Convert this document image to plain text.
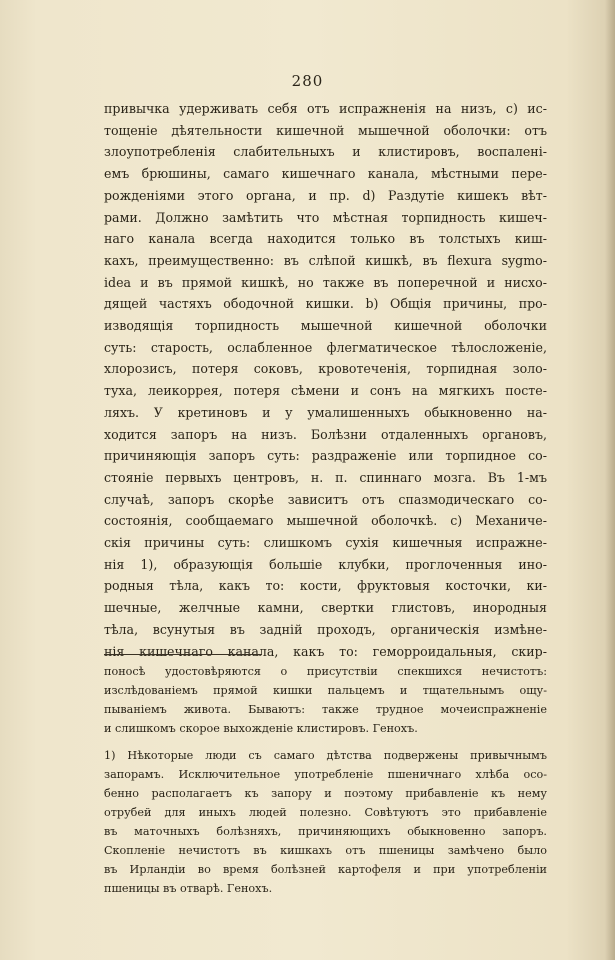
280
привычка удерживать себя отъ испражненія на низъ, c) ис-
тощеніе дѣятельности кишечной мышечной оболочки: отъ
злоупотребленія слабительныхъ и клистировъ, воспалені-
емъ брюшины, самаго кишечнаго канала, мѣстными пере-
рожденіями этого органа, и пр. d) Раздутіе кишекъ вѣт-
рами. Должно замѣтить что мѣстная торпидность кишеч-
наго канала всегда находится только въ толстыхъ киш-
кахъ, преимущественно: въ слѣпой кишкѣ, въ flexura sygmo-
idea и въ прямой кишкѣ, но также въ поперечной и нисхо-
дящей частяхъ ободочной кишки. b) Общія причины, про-
изводящія торпидность мышечной кишечной оболочки
суть: старость, ослабленное флегматическое тѣлосложеніе,
хлорозисъ, потеря соковъ, кровотеченія, торпидная золо-
туха, леикоррея, потеря сѣмени и сонъ на мягкихъ посте-
ляхъ. У кретиновъ и у умалишенныхъ обыкновенно на-
ходится запоръ на низъ. Болѣзни отдаленныхъ органовъ,
причиняющія запоръ суть: раздраженіе или торпидное со-
стояніе первыхъ центровъ, н. п. спиннаго мозга. Въ 1-мъ
случаѣ, запоръ скорѣе зависитъ отъ спазмодическаго со-
состоянія, сообщаемаго мышечной оболочкѣ. c) Механиче-
скія причины суть: слишкомъ сухія кишечныя испражне-
нія 1), образующія большіе клубки, проглоченныя ино-
родныя тѣла, какъ то: кости, фруктовыя косточки, ки-
шечные, желчные камни, свертки глистовъ, инородныя
тѣла, всунутыя въ задній проходъ, органическія измѣне-
нія кишечнаго канала, какъ то: геморроидальныя, скир-
поносѣ удостовѣряются о присутствіи спекшихся нечистотъ:
изслѣдованіемъ прямой кишки пальцемъ и тщательнымъ ощу-
пываніемъ живота. Бываютъ: также трудное мочеиспражненіе
и слишкомъ скорое выхожденіе клистировъ. Генохъ.
1) Нѣкоторые люди съ самаго дѣтства подвержены привычнымъ
запорамъ. Исключительное употребленіе пшеничнаго хлѣба осо-
бенно располагаетъ къ запору и поэтому прибавленіе къ нему
отрубей для иныхъ людей полезно. Совѣтуютъ это прибавленіе
въ маточныхъ болѣзняхъ, причиняющихъ обыкновенно запоръ.
Скопленіе нечистотъ въ кишкахъ отъ пшеницы замѣчено было
въ Ирландіи во время болѣзней картофеля и при употребленіи
пшеницы въ отварѣ. Генохъ.
